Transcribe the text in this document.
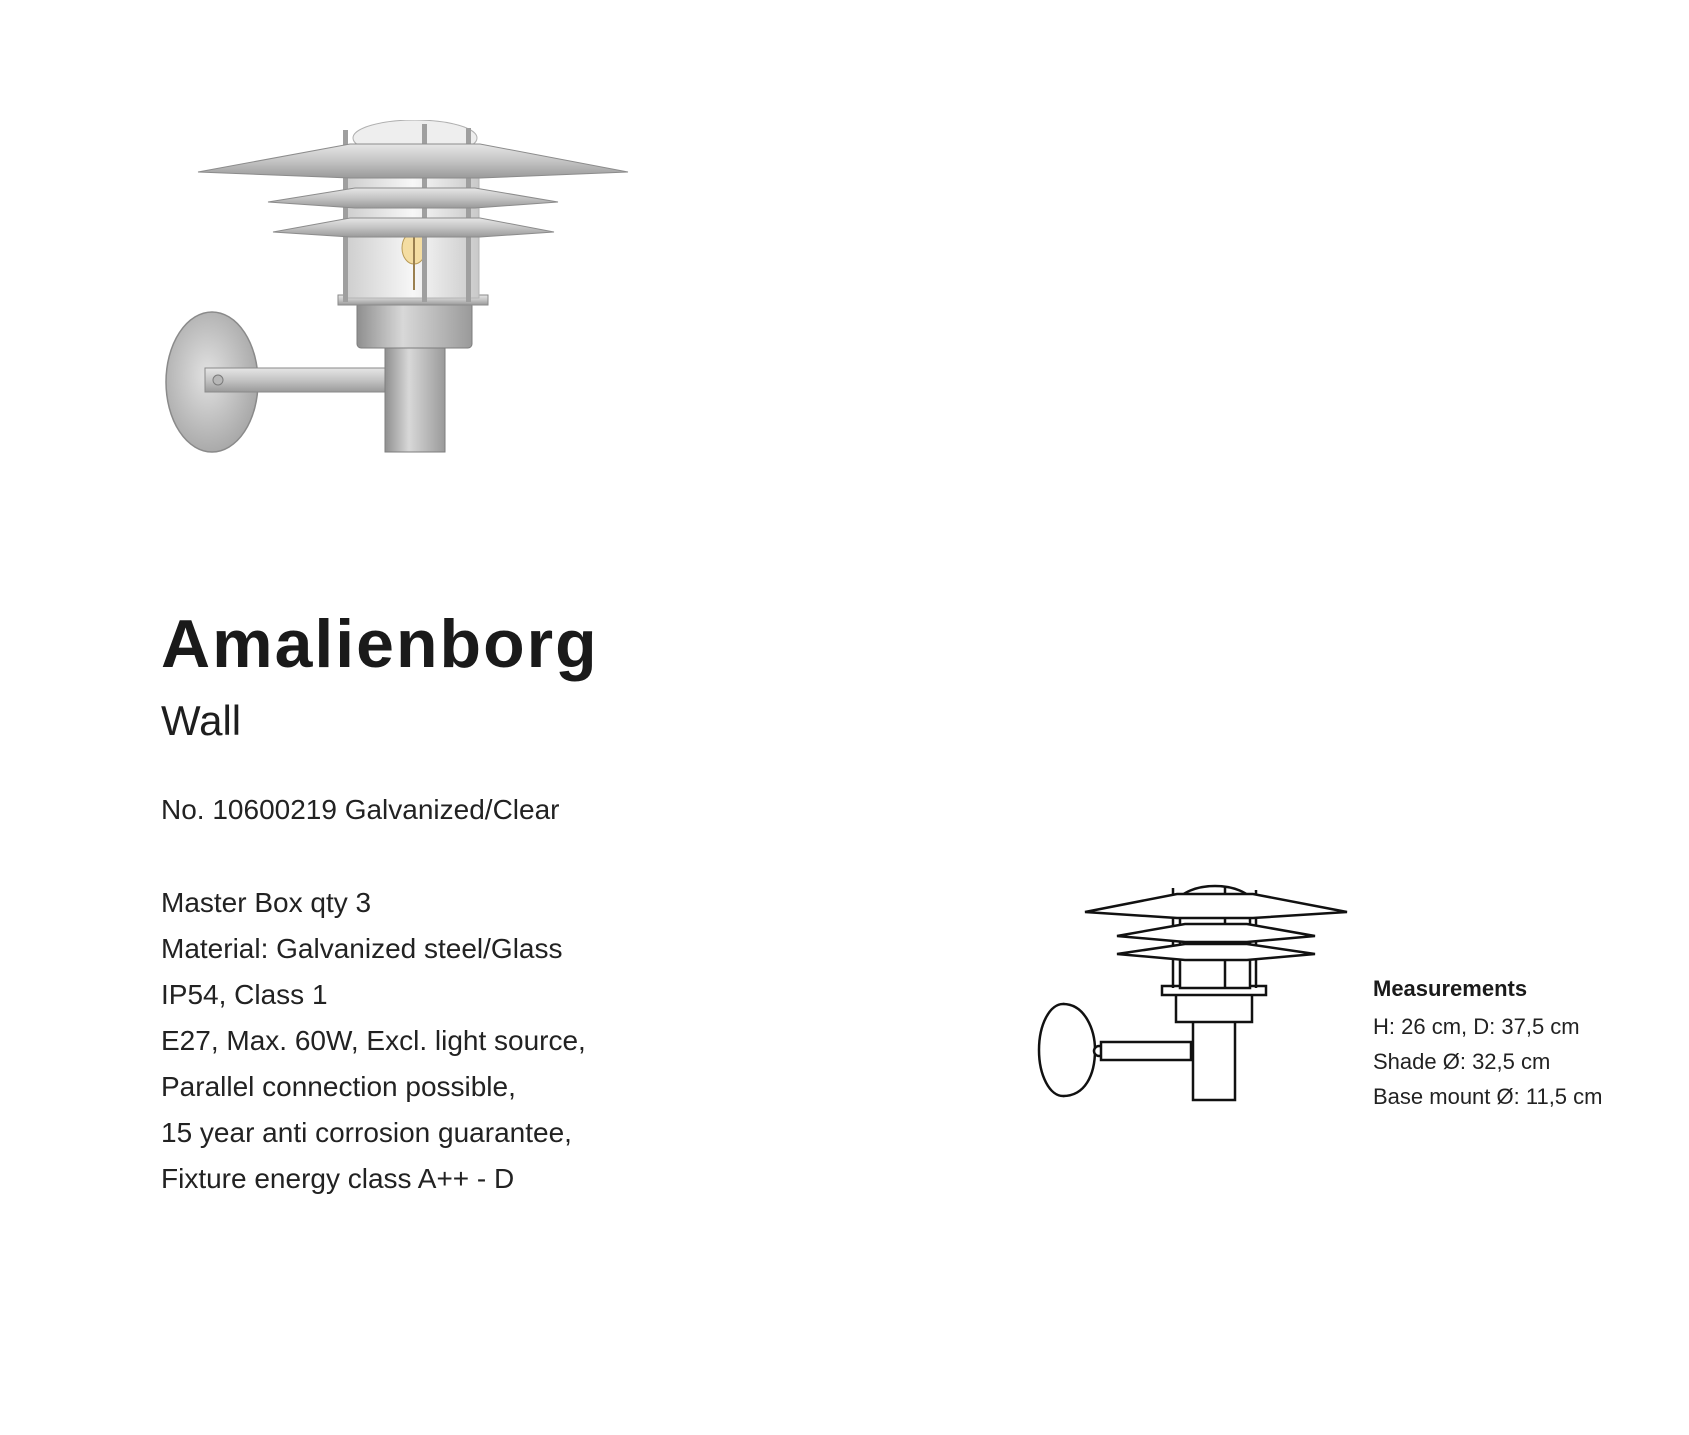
Amalienborg
Wall
No. 10600219 Galvanized/Clear
Master Box qty 3
Material: Galvanized steel/Glass
IP54, Class 1
E27, Max. 60W, Excl. light source,
Parallel connection possible,
15 year anti corrosion guarantee,
Fixture energy class A++ - D
Measurements
H: 26 cm, D: 37,5 cm
Shade Ø: 32,5 cm
Base mount Ø: 11,5 cm
